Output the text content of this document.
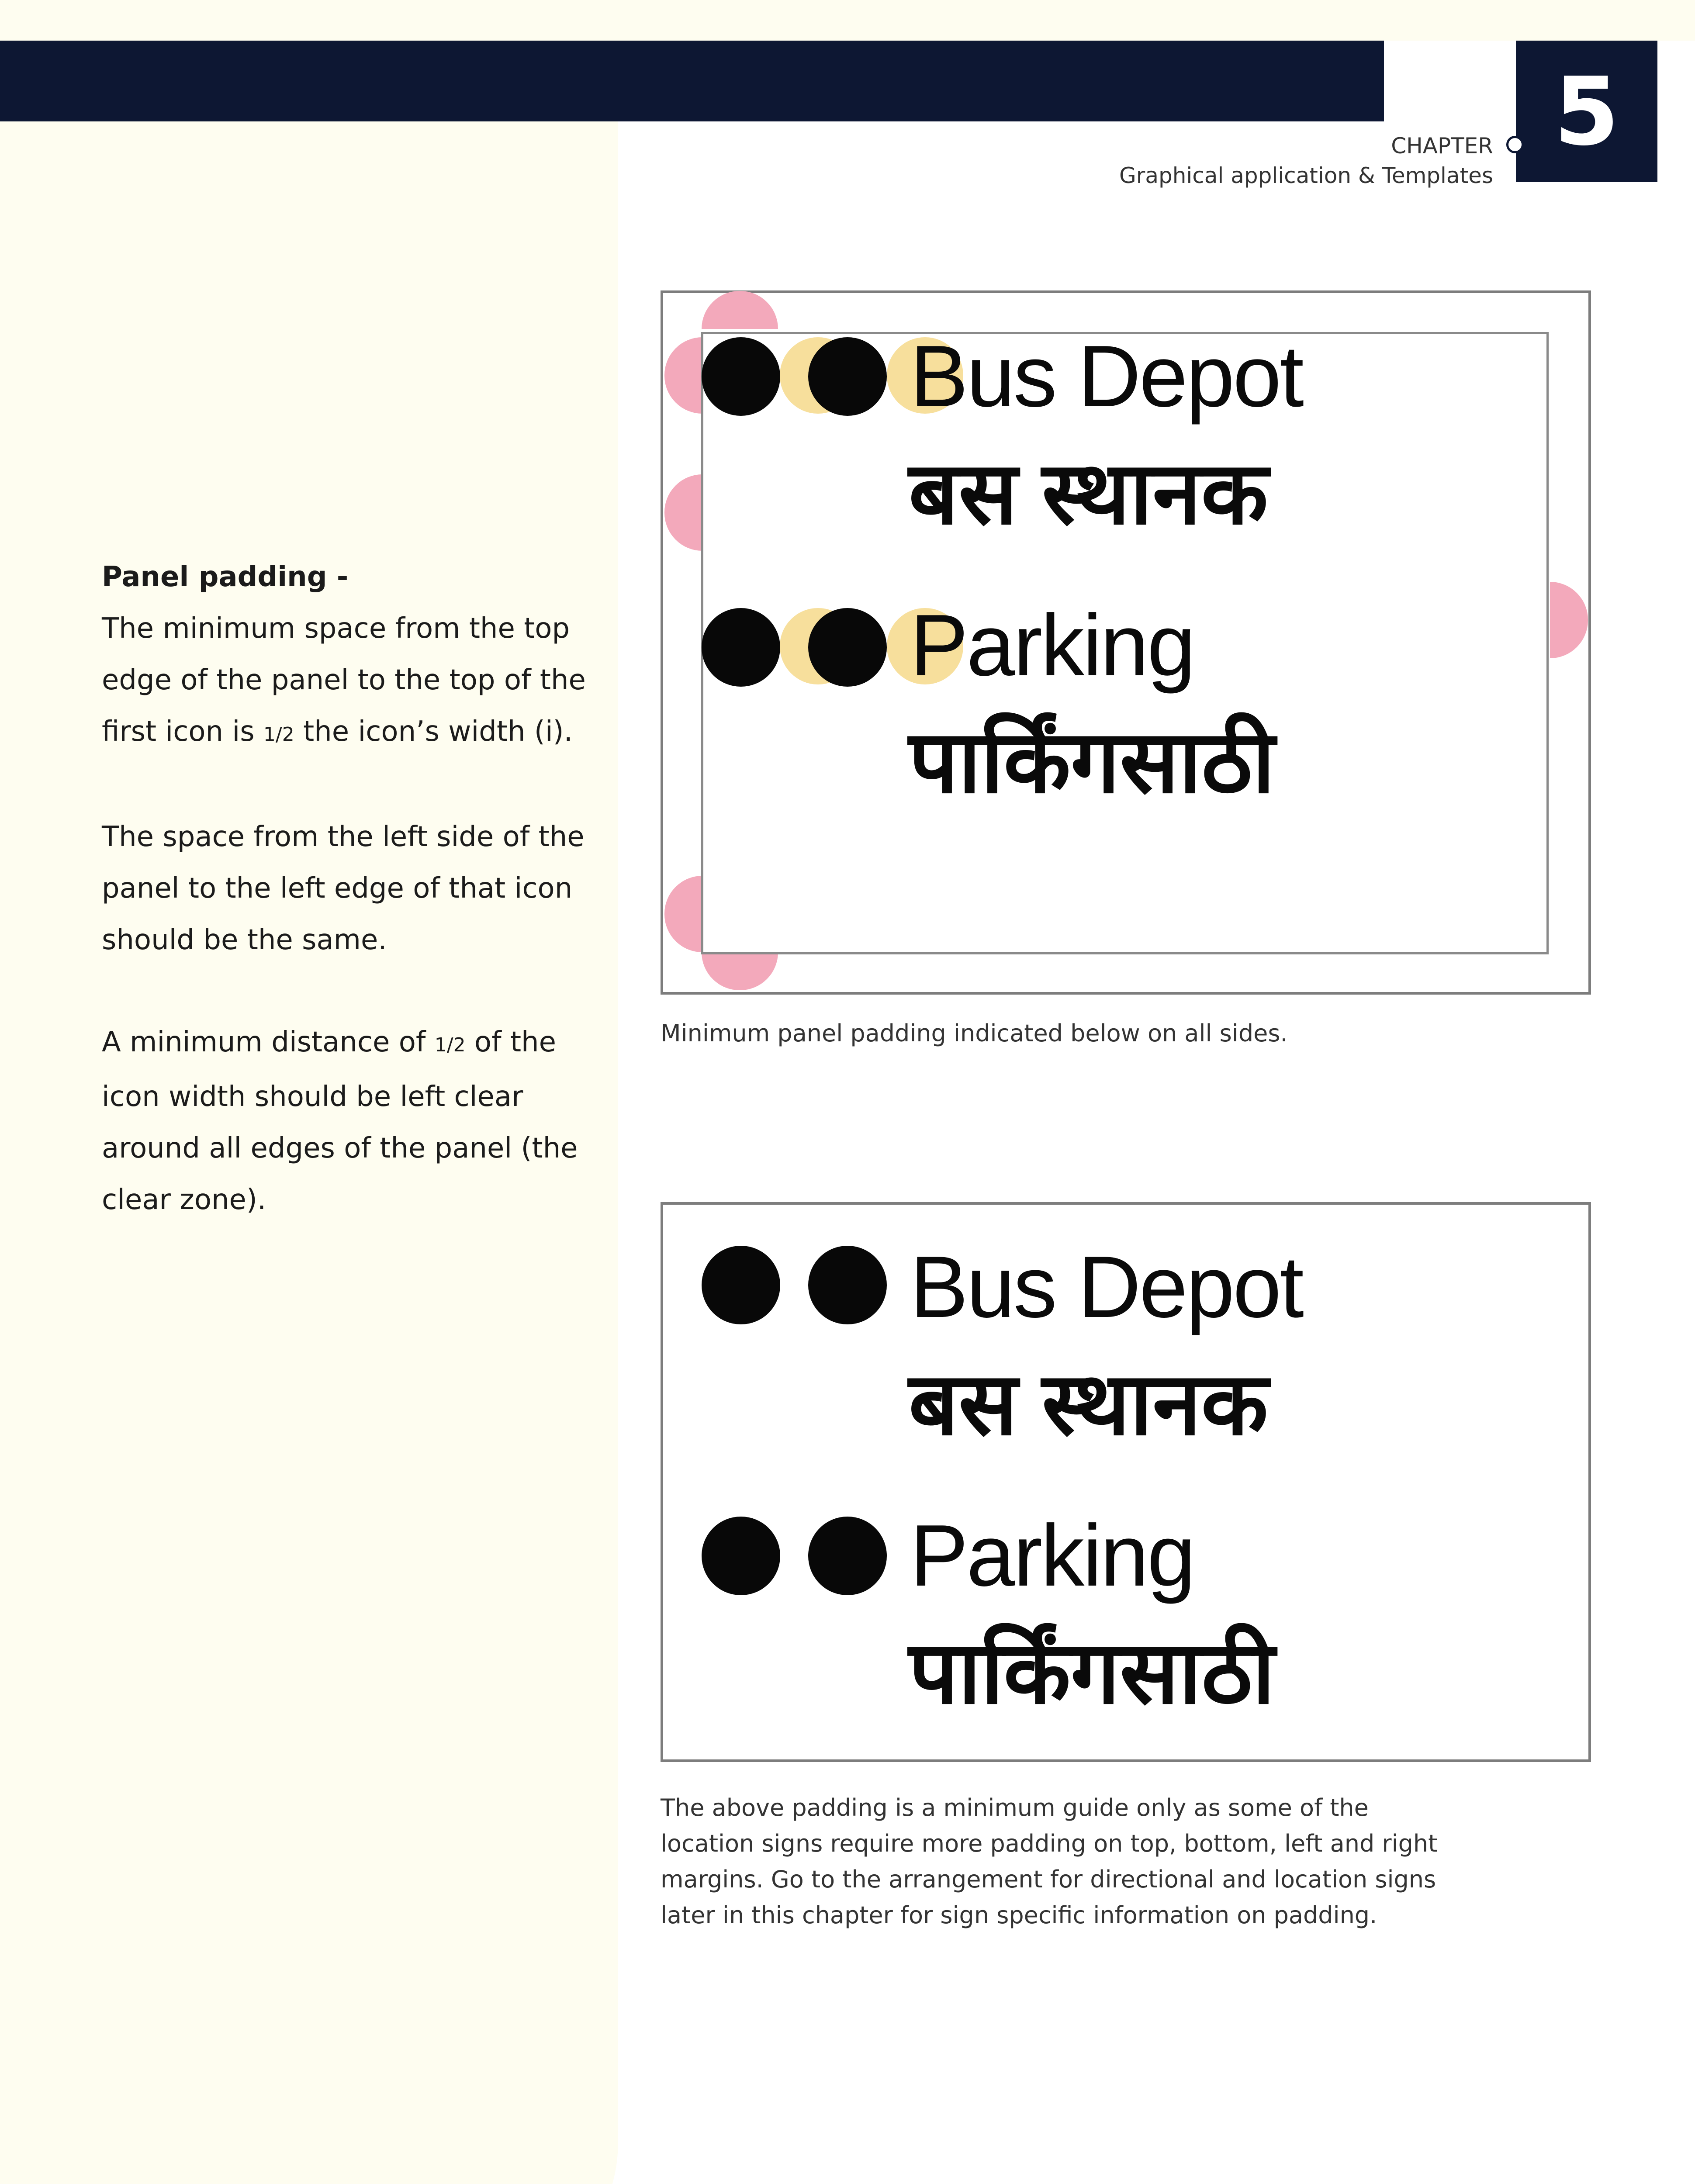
5
CHAPTER
Graphical application & Templates

Panel padding -
The minimum space from the top edge of the panel to the top of the first icon is 1/2 the icon’s width (i).

The space from the left side of the panel to the left edge of that icon should be the same.

A minimum distance of 1/2 of the icon width should be left clear around all edges of the panel (the clear zone).

Bus Depot
बस स्थानक
Parking
पार्किंगसाठी
Minimum panel padding indicated below on all sides.
Bus Depot
बस स्थानक
Parking
पार्किंगसाठी
The above padding is a minimum guide only as some of the location signs require more padding on top, bottom, left and right margins. Go to the arrangement for directional and location signs later in this chapter for sign specific information on padding.
